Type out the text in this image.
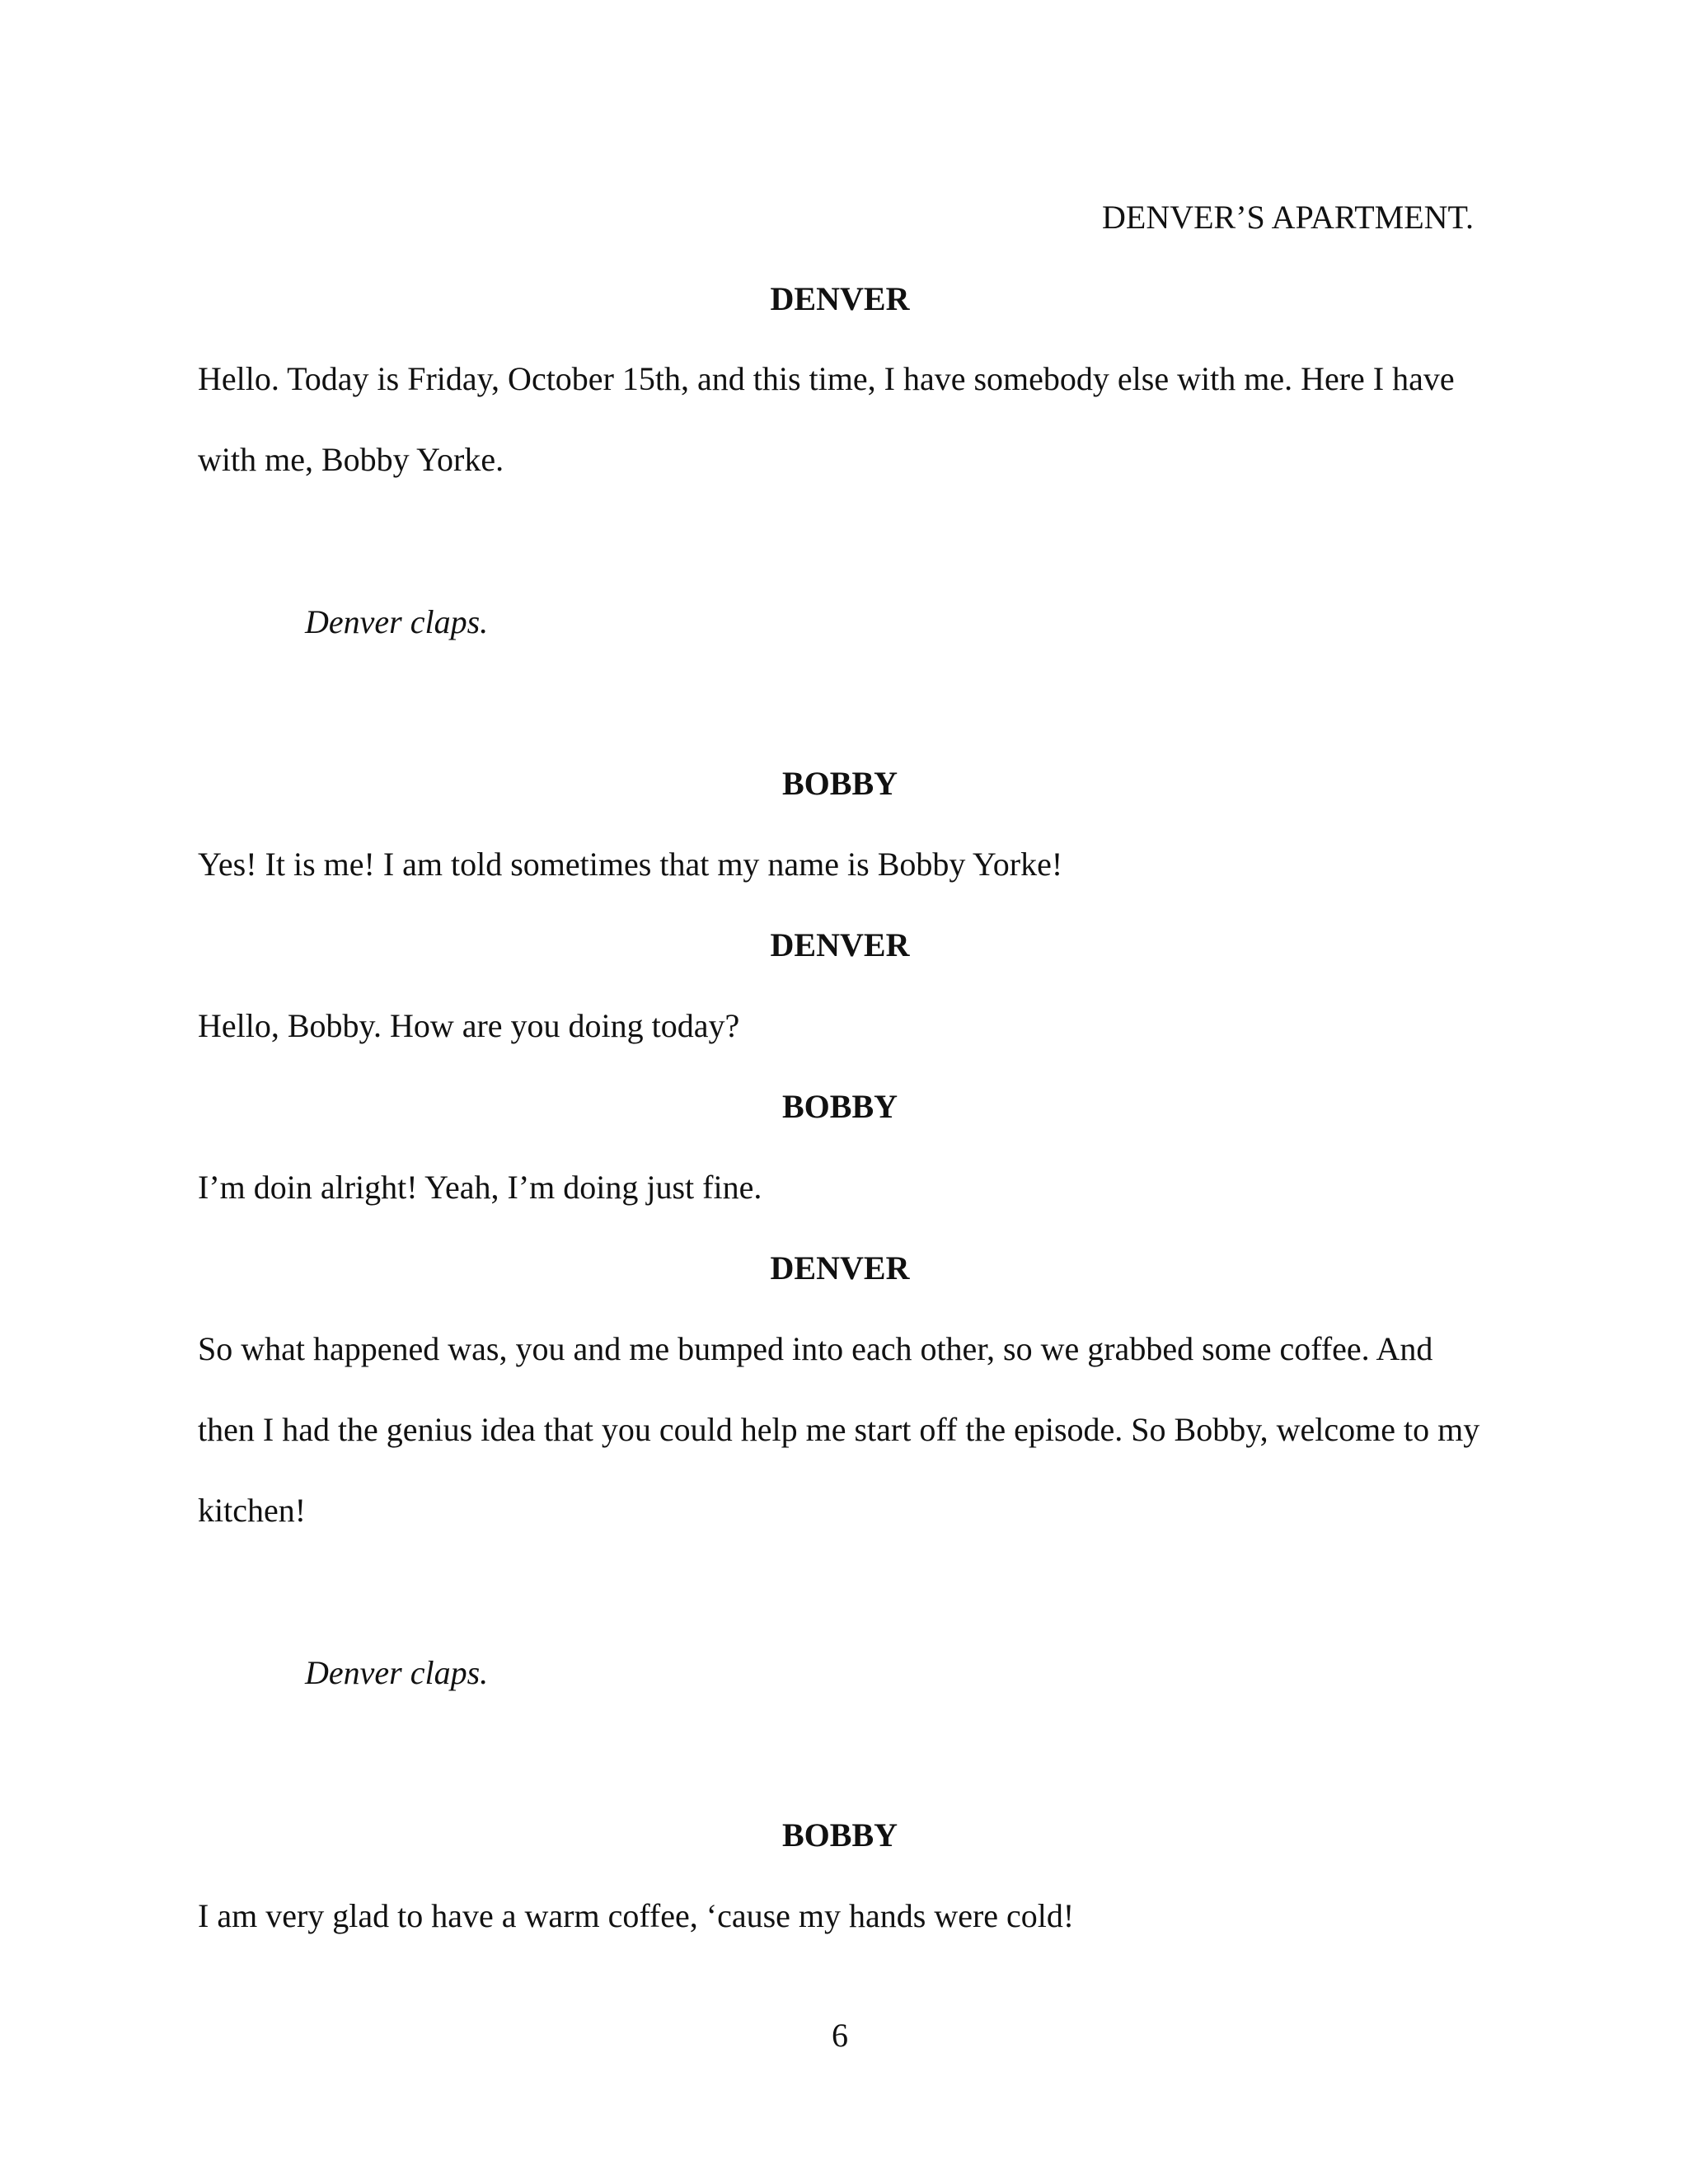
DENVER’S APARTMENT.
DENVER
Hello. Today is Friday, October 15th, and this time, I have somebody else with me. Here I have
with me, Bobby Yorke.
Denver claps.
BOBBY
Yes! It is me! I am told sometimes that my name is Bobby Yorke!
DENVER
Hello, Bobby. How are you doing today?
BOBBY
I’m doin alright! Yeah, I’m doing just fine.
DENVER
So what happened was, you and me bumped into each other, so we grabbed some coffee. And
then I had the genius idea that you could help me start off the episode. So Bobby, welcome to my
kitchen!
Denver claps.
BOBBY
I am very glad to have a warm coffee, ‘cause my hands were cold!
6
